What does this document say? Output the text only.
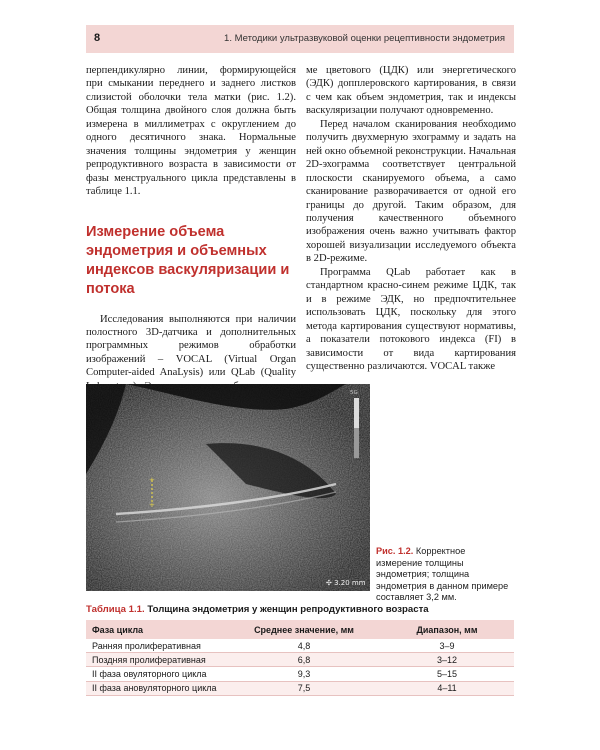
8	1. Методики ультразвуковой оценки рецептивности эндометрия

перпендикулярно линии, формирующейся при смыкании переднего и заднего листков слизистой оболочки тела матки (рис. 1.2). Общая толщина двойного слоя должна быть измерена в миллиметрах с округлением до одного десятичного знака. Нормальные значения толщины эндометрия у женщин репродуктивного возраста в зависимости от фазы менструального цикла представлены в таблице 1.1.

Измерение объема эндометрия и объемных индексов васкуляризации и потока

Исследования выполняются при наличии полостного 3D-датчика и дополнительных программных режимов обработки изображений – VOCAL (Virtual Organ Computer-aided AnaLysis) или QLab (Quality

ме цветового (ЦДК) или энергетического (ЭДК) допплеровского картирования, в связи с чем как объем эндометрия, так и индексы васкуляризации получают одновременно.

Перед началом сканирования необходимо получить двухмерную эхограмму и задать на ней окно объемной реконструкции. Начальная 2D-эхограмма соответствует центральной плоскости сканируемого объема, а само сканирование разворачивается от одной его границы до другой. Таким образом, для получения качественного объемного изображения очень важно учитывать фактор хорошей визуализации исследуемого объекта в 2D-режиме.

Программа QLab работает как в стандартном красно-синем режиме ЦДК, так и в режиме ЭДК, но предпочтительнее использовать ЦДК, поскольку для этого метода картирования существуют нормативы, а показатели потокового индекса (FI) в зависимости от вида картирования существенно различаются. VOCAL также

+
+
5G
✣ 3.20 mm
Рис. 1.2. Корректное измерение толщины эндометрия; толщина эндометрия в данном примере составляет 3,2 мм.
Таблица 1.1. Толщина эндометрия у женщин репродуктивного возраста
Фаза цикла	Среднее значение, мм	Диапазон, мм
Ранняя пролиферативная	4,8	3–9
Поздняя пролиферативная	6,8	3–12
II фаза овуляторного цикла	9,3	5–15
II фаза ановуляторного цикла	7,5	4–11
